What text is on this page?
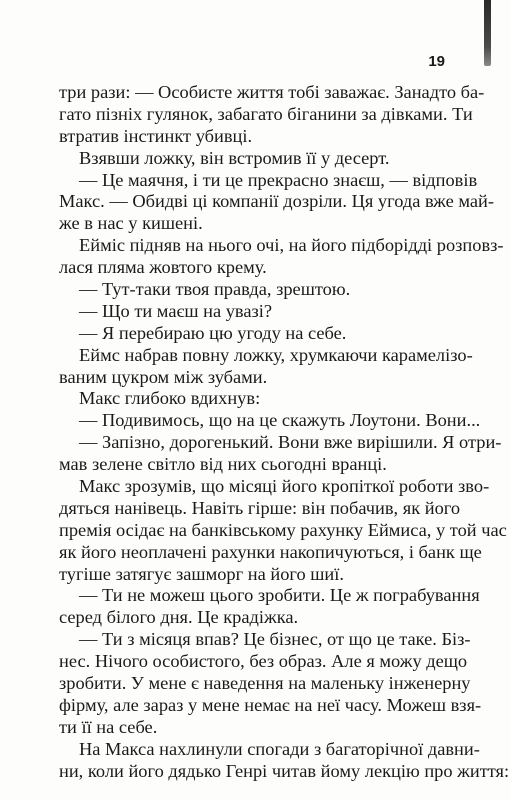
19
три рази: — Особисте життя тобі заважає. Занадто ба-
гато пізніх гулянок, забагато біганини за дівками. Ти
втратив інстинкт убивці.
Взявши ложку, він встромив її у десерт.
— Це маячня, і ти це прекрасно знаєш, — відповів
Макс. — Обидві ці компанії дозріли. Ця угода вже май-
же в нас у кишені.
Ейміс підняв на нього очі, на його підборідді розповз-
лася пляма жовтого крему.
— Тут-таки твоя правда, зрештою.
— Що ти маєш на увазі?
— Я перебираю цю угоду на себе.
Еймс набрав повну ложку, хрумкаючи карамелізо-
ваним цукром між зубами.
Макс глибоко вдихнув:
— Подивимось, що на це скажуть Лоутони. Вони...
— Запізно, дорогенький. Вони вже вирішили. Я отри-
мав зелене світло від них сьогодні вранці.
Макс зрозумів, що місяці його кропіткої роботи зво-
дяться нанівець. Навіть гірше: він побачив, як його
премія осідає на банківському рахунку Еймиса, у той час
як його неоплачені рахунки накопичуються, і банк ще
тугіше затягує зашморг на його шиї.
— Ти не можеш цього зробити. Це ж пограбування
серед білого дня. Це крадіжка.
— Ти з місяця впав? Це бізнес, от що це таке. Біз-
нес. Нічого особистого, без образ. Але я можу дещо
зробити. У мене є наведення на маленьку інженерну
фірму, але зараз у мене немає на неї часу. Можеш взя-
ти її на себе.
На Макса нахлинули спогади з багаторічної давни-
ни, коли його дядько Генрі читав йому лекцію про життя:
